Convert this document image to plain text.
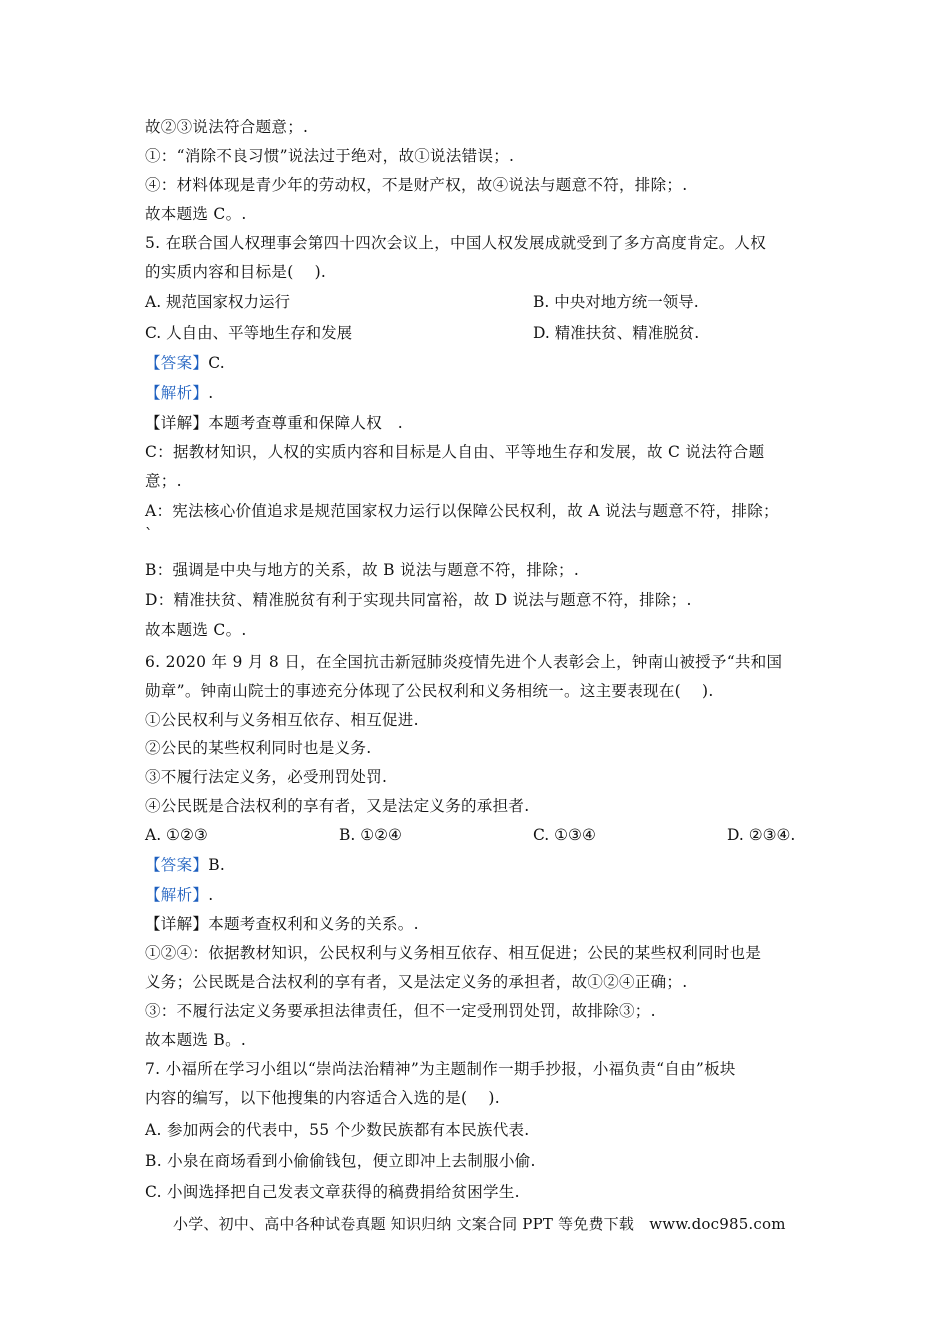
故②③说法符合题意；.
①：“消除不良习惯”说法过于绝对，故①说法错误；.
④：材料体现是青少年的劳动权，不是财产权，故④说法与题意不符，排除；.
故本题选 C。.
5. 在联合国人权理事会第四十四次会议上，中国人权发展成就受到了多方高度肯定。人权
的实质内容和目标是(　 ).
A. 规范国家权力运行	B. 中央对地方统一领导.
C. 人自由、平等地生存和发展	D. 精准扶贫、精准脱贫.
【答案】C.
【解析】.
【详解】本题考查尊重和保障人权　.
C：据教材知识，人权的实质内容和目标是人自由、平等地生存和发展，故 C 说法符合题
意；.
A：宪法核心价值追求是规范国家权力运行以保障公民权利，故 A 说法与题意不符，排除；
`
B：强调是中央与地方的关系，故 B 说法与题意不符，排除；.
D：精准扶贫、精准脱贫有利于实现共同富裕，故 D 说法与题意不符，排除；.
故本题选 C。.
6. 2020 年 9 月 8 日，在全国抗击新冠肺炎疫情先进个人表彰会上，钟南山被授予“共和国
勋章”。钟南山院士的事迹充分体现了公民权利和义务相统一。这主要表现在(　 ).
①公民权利与义务相互依存、相互促进.
②公民的某些权利同时也是义务.
③不履行法定义务，必受刑罚处罚.
④公民既是合法权利的享有者，又是法定义务的承担者.
A. ①②③	B. ①②④	C. ①③④	D. ②③④.
【答案】B.
【解析】.
【详解】本题考查权利和义务的关系。.
①②④：依据教材知识，公民权利与义务相互依存、相互促进；公民的某些权利同时也是
义务；公民既是合法权利的享有者，又是法定义务的承担者，故①②④正确；.
③：不履行法定义务要承担法律责任，但不一定受刑罚处罚，故排除③；.
故本题选 B。.
7. 小福所在学习小组以“崇尚法治精神”为主题制作一期手抄报，小福负责“自由”板块
内容的编写，以下他搜集的内容适合入选的是(　 ).
A. 参加两会的代表中，55 个少数民族都有本民族代表.
B. 小泉在商场看到小偷偷钱包，便立即冲上去制服小偷.
C. 小闽选择把自己发表文章获得的稿费捐给贫困学生.
小学、初中、高中各种试卷真题 知识归纳 文案合同 PPT 等免费下载　www.doc985.com
